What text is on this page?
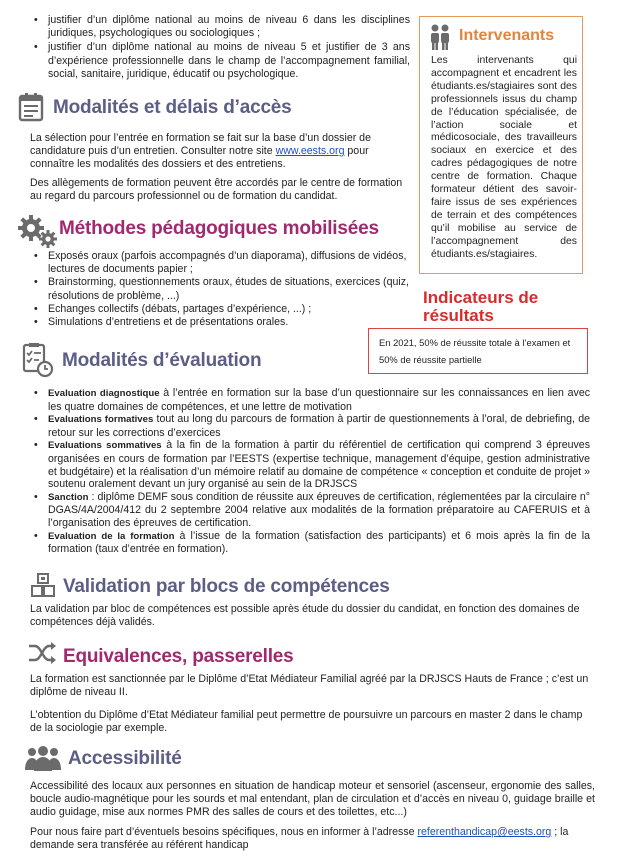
• justifier d’un diplôme national au moins de niveau 6 dans les disciplines juridiques, psychologiques ou sociologiques ;
• justifier d’un diplôme national au moins de niveau 5 et justifier de 3 ans d’expérience professionnelle dans le champ de l’accompagnement familial, social, sanitaire, juridique, éducatif ou psychologique.
Modalités et délais d’accès

La sélection pour l’entrée en formation se fait sur la base d’un dossier de candidature puis d’un entretien. Consulter notre site www.eests.org pour connaître les modalités des dossiers et des entretiens.

Des allègements de formation peuvent être accordés par le centre de formation au regard du parcours professionnel ou de formation du candidat.

Méthodes pédagogiques mobilisées
• Exposés oraux (parfois accompagnés d’un diaporama), diffusions de vidéos, lectures de documents papier ;
• Brainstorming, questionnements oraux, études de situations, exercices (quiz, résolutions de problème, ...)
• Echanges collectifs (débats, partages d’expérience, ...) ;
• Simulations d’entretiens et de présentations orales.
Intervenants

Les intervenants qui accompagnent et encadrent les étudiants.es/stagiaires sont des professionnels issus du champ de l’éducation spécialisée, de l’action sociale et médicosociale, des travailleurs sociaux en exercice et des cadres pédagogiques de notre centre de formation. Chaque formateur détient des savoir-faire issus de ses expériences de terrain et des compétences qu’il mobilise au service de l’accompagnement des étudiants.es/stagiaires.

Indicateurs de résultats

En 2021, 50% de réussite totale à l’examen et 50% de réussite partielle

Modalités d’évaluation
• Evaluation diagnostique à l’entrée en formation sur la base d’un questionnaire sur les connaissances en lien avec les quatre domaines de compétences, et une lettre de motivation
• Evaluations formatives tout au long du parcours de formation à partir de questionnements à l’oral, de debriefing, de retour sur les corrections d’exercices
• Evaluations sommatives à la fin de la formation à partir du référentiel de certification qui comprend 3 épreuves organisées en cours de formation par l’EESTS (expertise technique, management d’équipe, gestion administrative et budgétaire) et la réalisation d’un mémoire relatif au domaine de compétence « conception et conduite de projet » soutenu oralement devant un jury organisé au sein de la DRJSCS
• Sanction : diplôme DEMF sous condition de réussite aux épreuves de certification, réglementées par la circulaire n° DGAS/4A/2004/412 du 2 septembre 2004 relative aux modalités de la formation préparatoire au CAFERUIS et à l’organisation des épreuves de certification.
• Evaluation de la formation à l’issue de la formation (satisfaction des participants) et 6 mois après la fin de la formation (taux d’entrée en formation).
Validation par blocs de compétences

La validation par bloc de compétences est possible après étude du dossier du candidat, en fonction des domaines de compétences déjà validés.

Equivalences, passerelles

La formation est sanctionnée par le Diplôme d’Etat Médiateur Familial agréé par la DRJSCS Hauts de France ; c’est un diplôme de niveau II.

L’obtention du Diplôme d’Etat Médiateur familial peut permettre de poursuivre un parcours en master 2 dans le champ de la sociologie par exemple.

Accessibilité

Accessibilité des locaux aux personnes en situation de handicap moteur et sensoriel (ascenseur, ergonomie des salles, boucle audio-magnétique pour les sourds et mal entendant, plan de circulation et d’accès en niveau 0, guidage braille et audio guidage, mise aux normes PMR des salles de cours et des toilettes, etc...)

Pour nous faire part d’éventuels besoins spécifiques, nous en informer à l’adresse referenthandicap@eests.org ; la demande sera transférée au référent handicap
